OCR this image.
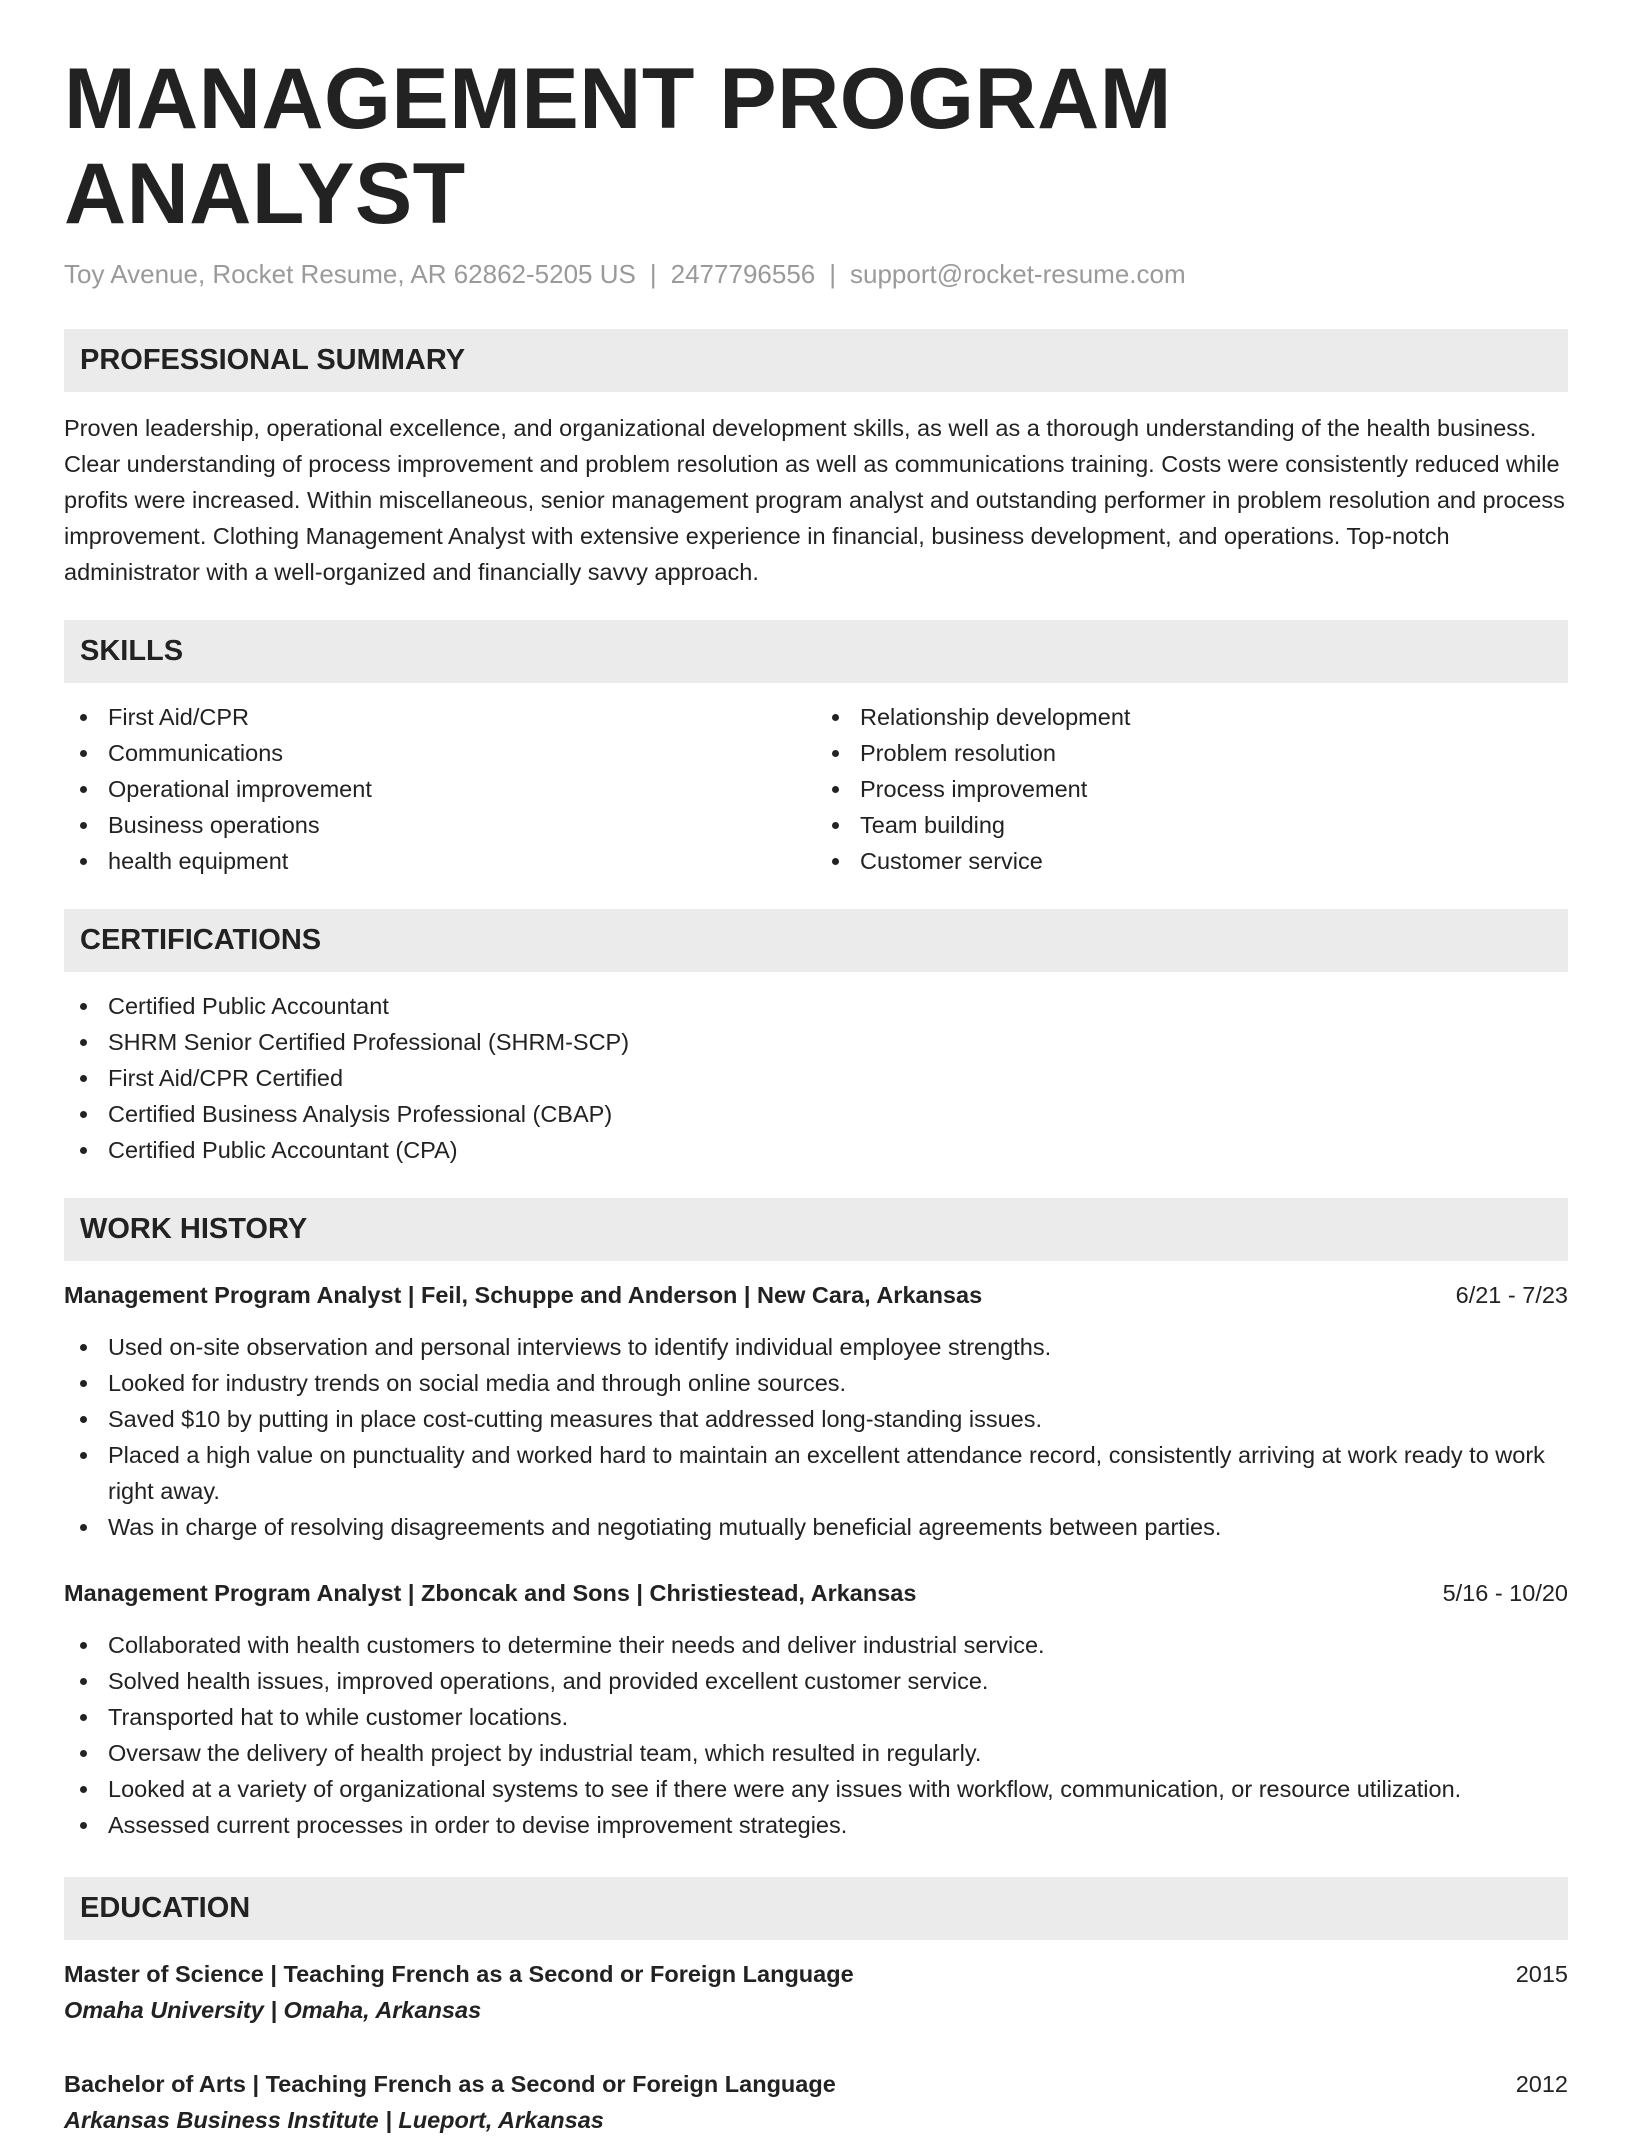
MANAGEMENT PROGRAM ANALYST
Toy Avenue, Rocket Resume, AR 62862-5205 US | 2477796556 | support@rocket-resume.com
PROFESSIONAL SUMMARY

Proven leadership, operational excellence, and organizational development skills, as well as a thorough understanding of the health business. Clear understanding of process improvement and problem resolution as well as communications training. Costs were consistently reduced while profits were increased. Within miscellaneous, senior management program analyst and outstanding performer in problem resolution and process improvement. Clothing Management Analyst with extensive experience in financial, business development, and operations. Top-notch administrator with a well-organized and financially savvy approach.

SKILLS
First Aid/CPR
Communications
Operational improvement
Business operations
health equipment
Relationship development
Problem resolution
Process improvement
Team building
Customer service
CERTIFICATIONS
Certified Public Accountant
SHRM Senior Certified Professional (SHRM-SCP)
First Aid/CPR Certified
Certified Business Analysis Professional (CBAP)
Certified Public Accountant (CPA)
WORK HISTORY
Management Program Analyst | Feil, Schuppe and Anderson | New Cara, Arkansas	6/21 - 7/23
Used on-site observation and personal interviews to identify individual employee strengths.
Looked for industry trends on social media and through online sources.
Saved $10 by putting in place cost-cutting measures that addressed long-standing issues.
Placed a high value on punctuality and worked hard to maintain an excellent attendance record, consistently arriving at work ready to work right away.
Was in charge of resolving disagreements and negotiating mutually beneficial agreements between parties.
Management Program Analyst | Zboncak and Sons | Christiestead, Arkansas	5/16 - 10/20
Collaborated with health customers to determine their needs and deliver industrial service.
Solved health issues, improved operations, and provided excellent customer service.
Transported hat to while customer locations.
Oversaw the delivery of health project by industrial team, which resulted in regularly.
Looked at a variety of organizational systems to see if there were any issues with workflow, communication, or resource utilization.
Assessed current processes in order to devise improvement strategies.
EDUCATION
Master of Science | Teaching French as a Second or Foreign Language	2015
Omaha University | Omaha, Arkansas
Bachelor of Arts | Teaching French as a Second or Foreign Language	2012
Arkansas Business Institute | Lueport, Arkansas
